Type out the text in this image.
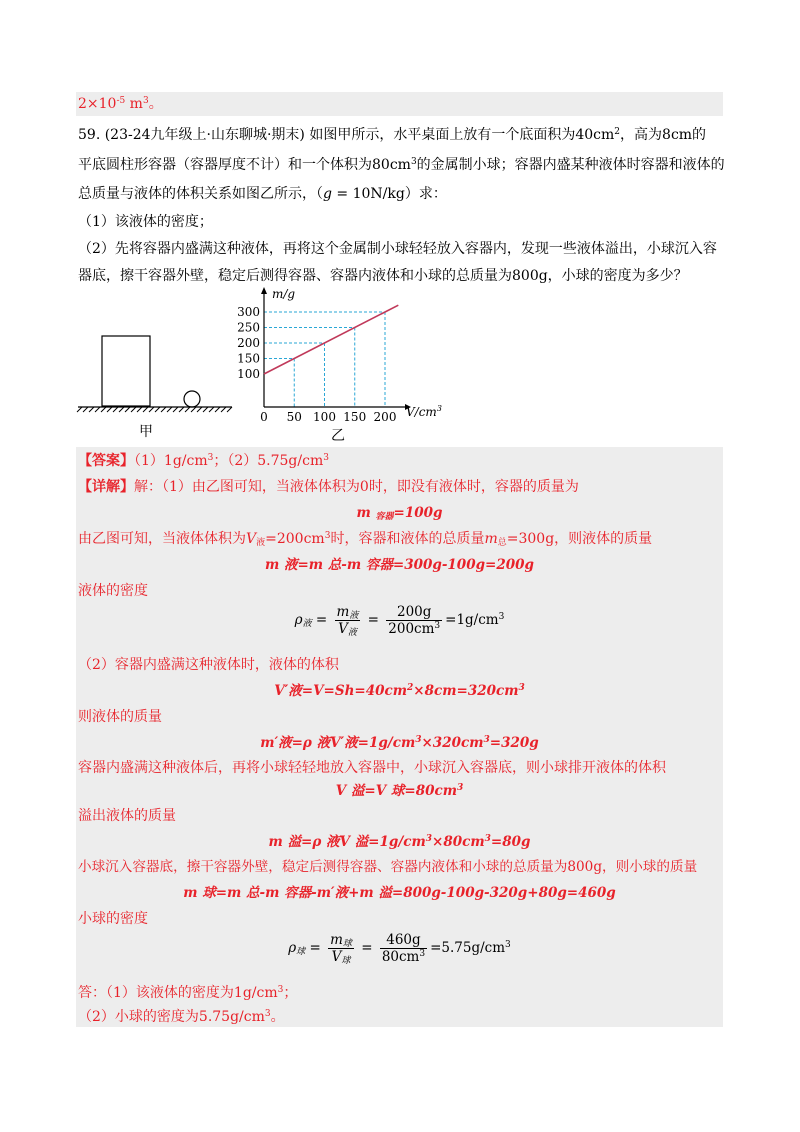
$2\times 10^{-5}$ $m^3$。
59. (23-24九年级上·山东聊城·期末) 如图甲所示，水平桌面上放有一个底面积为$40cm^2$，高为8cm的
平底圆柱形容器（容器厚度不计）和一个体积为$80cm^3$的金属制小球；容器内盛某种液体时容器和液体的
总质量与液体的体积关系如图乙所示，（g = 10N/kg）求：
（1）该液体的密度；
（2）先将容器内盛满这种液体，再将这个金属制小球轻轻放入容器内，发现一些液体溢出，小球沉入容
器底，擦干容器外壁，稳定后测得容器、容器内液体和小球的总质量为800g，小球的密度为多少？
甲
0 50 100 150 200
100
150
200
250
300
m/g
$V/cm^3$
乙
【答案】$(1)1g/cm^3$；$(2)5.75g/cm^3$
【详解】解：（1）由乙图可知，当液体体积为0时，即没有液体时，容器的质量为
m $_{容器}$=100g
由乙图可知，当液体体积为$V_液=200cm^3$时，容器和液体的总质量$m_总=300g$，则液体的质量
m 液=m 总-m 容器=300g-100g=200g
液体的密度
$\rho_液 = \frac{m_液}{V_液} = \frac{200g}{200cm^3} =1g/cm^3$
（2）容器内盛满这种液体时，液体的体积
V′液$=V=Sh=40cm^2\times 8cm=320cm^3$
则液体的质量
m′液=ρ 液V′液$=1g/cm^3\times 320cm^3=320g$
容器内盛满这种液体后，再将小球轻轻地放入容器中，小球沉入容器底，则小球排开液体的体积
V 溢=V 球$=80cm^3$
溢出液体的质量
m 溢=ρ 液V 溢$=1g/cm^3\times 80cm^3=80g$
小球沉入容器底，擦干容器外壁，稳定后测得容器、容器内液体和小球的总质量为800g，则小球的质量
m 球=m 总-m 容器-m′液+m 溢=800g-100g-320g+80g=460g
小球的密度
$\rho_球 = \frac{m_球}{V_球} = \frac{460g}{80cm^3} =5.75g/cm^3$
答：（1）该液体的密度为$1g/cm^3$；
（2）小球的密度为$5.75g/cm^3$。
